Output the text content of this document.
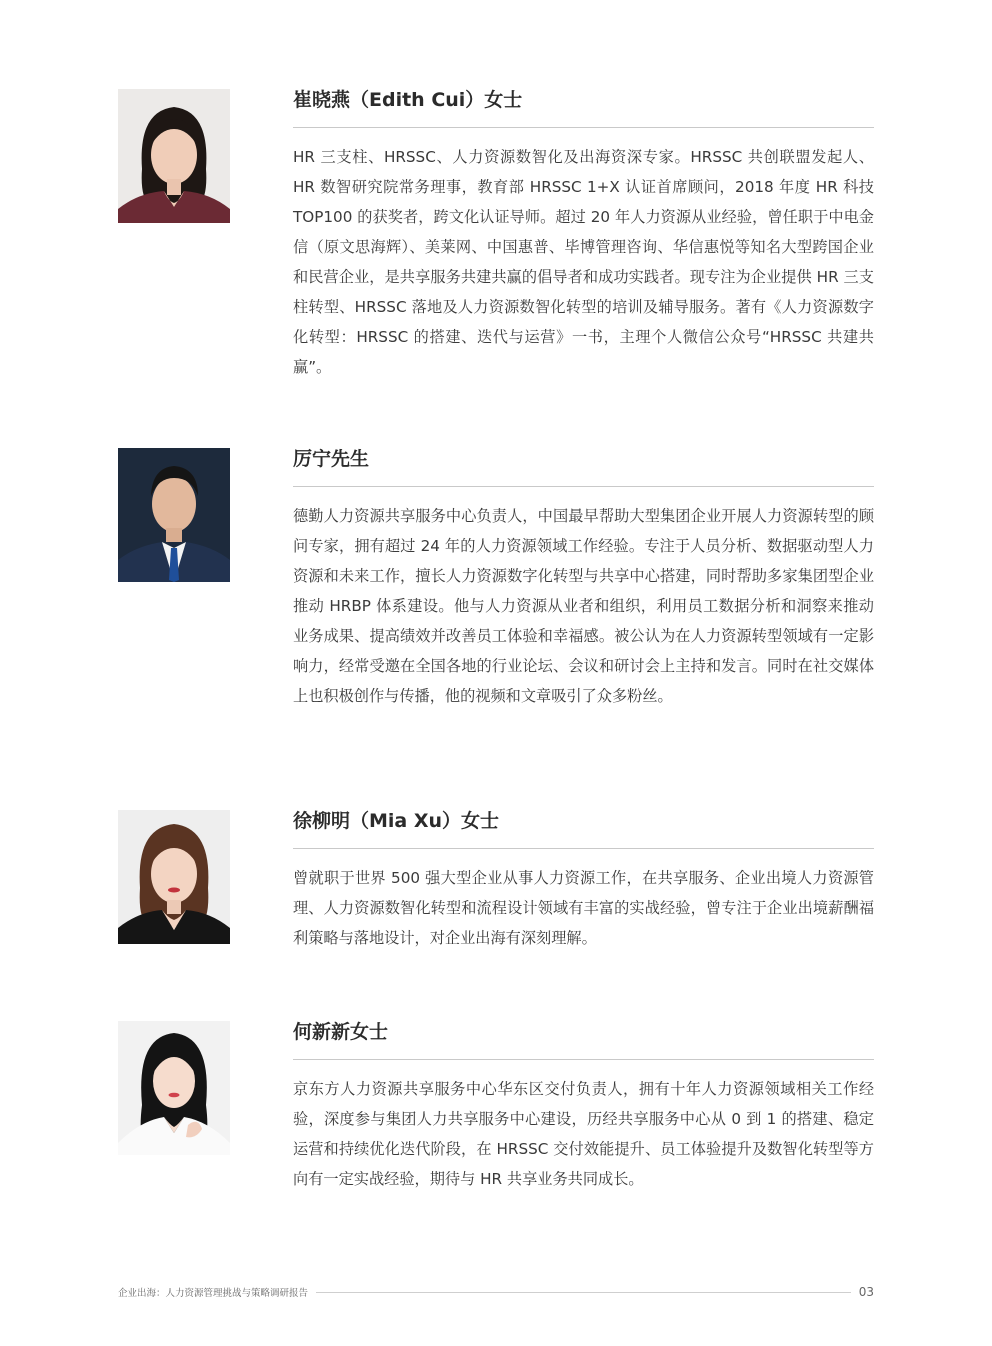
崔晓燕（Edith Cui）女士

HR 三支柱、HRSSC、人力资源数智化及出海资深专家。HRSSC 共创联盟发起人、HR 数智研究院常务理事，教育部 HRSSC 1+X 认证首席顾问，2018 年度 HR 科技 TOP100 的获奖者，跨文化认证导师。超过 20 年人力资源从业经验，曾任职于中电金信（原文思海辉）、美莱网、中国惠普、毕博管理咨询、华信惠悦等知名大型跨国企业和民营企业，是共享服务共建共赢的倡导者和成功实践者。现专注为企业提供 HR 三支柱转型、HRSSC 落地及人力资源数智化转型的培训及辅导服务。著有《人力资源数字化转型：HRSSC 的搭建、迭代与运营》一书，主理个人微信公众号“HRSSC 共建共赢”。

厉宁先生

德勤人力资源共享服务中心负责人，中国最早帮助大型集团企业开展人力资源转型的顾问专家，拥有超过 24 年的人力资源领域工作经验。专注于人员分析、数据驱动型人力资源和未来工作，擅长人力资源数字化转型与共享中心搭建，同时帮助多家集团型企业推动 HRBP 体系建设。他与人力资源从业者和组织，利用员工数据分析和洞察来推动业务成果、提高绩效并改善员工体验和幸福感。被公认为在人力资源转型领域有一定影响力，经常受邀在全国各地的行业论坛、会议和研讨会上主持和发言。同时在社交媒体上也积极创作与传播，他的视频和文章吸引了众多粉丝。

徐柳明（Mia Xu）女士

曾就职于世界 500 强大型企业从事人力资源工作，在共享服务、企业出境人力资源管理、人力资源数智化转型和流程设计领域有丰富的实战经验，曾专注于企业出境薪酬福利策略与落地设计，对企业出海有深刻理解。

何新新女士

京东方人力资源共享服务中心华东区交付负责人，拥有十年人力资源领域相关工作经验，深度参与集团人力共享服务中心建设，历经共享服务中心从 0 到 1 的搭建、稳定运营和持续优化迭代阶段，在 HRSSC 交付效能提升、员工体验提升及数智化转型等方向有一定实战经验，期待与 HR 共享业务共同成长。

企业出海：人力资源管理挑战与策略调研报告	03
